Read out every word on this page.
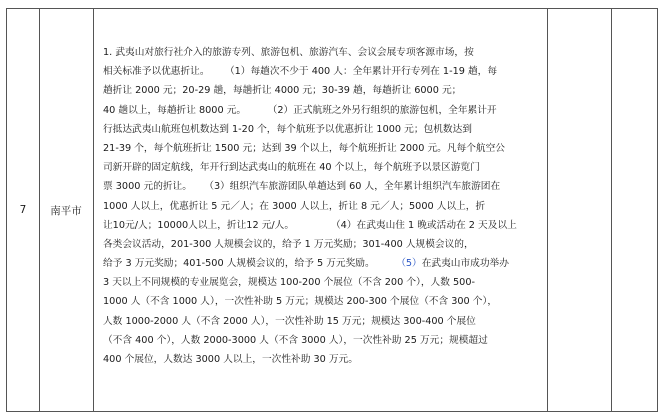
7 南平市
1. 武夷山对旅行社介入的旅游专列、旅游包机、旅游汽车、会议会展专项客源市场，按
相关标准予以优惠折让。     （1）每趟次不少于 400 人：全年累计开行专列在 1-19 趟，每
趟折让 2000 元；20-29 趟，每趟折让 4000 元；30-39 趟，每趟折让 6000 元；
40 趟以上，每趟折让 8000 元。       （2）正式航班之外另行组织的旅游包机，全年累计开
行抵达武夷山航班包机数达到 1-20 个，每个航班予以优惠折让 1000 元；包机数达到
21-39 个，每个航班折让 1500 元；达到 39 个以上，每个航班折让 2000 元。凡每个航空公
司新开辟的固定航线，年开行到达武夷山的航班在 40 个以上，每个航班予以景区游览门
票 3000 元的折让。    （3）组织汽车旅游团队单趟达到 60 人，全年累计组织汽车旅游团在
1000 人以上，优惠折让 5 元／人；在 3000 人以上，折让 8 元／人；5000 人以上，折
让10元/人；10000人以上，折让12 元/人。            （4）在武夷山住 1 晚或活动在 2 天及以上
各类会议活动，201-300 人规模会议的，给予 1 万元奖励；301-400 人规模会议的，
给予 3 万元奖励；401-500 人规模会议的，给予 5 万元奖励。       （5）在武夷山市成功举办
3 天以上不同规模的专业展览会，规模达 100-200 个展位（不含 200 个），人数 500-
1000 人（不含 1000 人），一次性补助 5 万元；规模达 200-300 个展位（不含 300 个），
人数 1000-2000 人（不含 2000 人），一次性补助 15 万元；规模达 300-400 个展位
（不含 400 个），人数 2000-3000 人（不含 3000 人），一次性补助 25 万元；规模超过
400 个展位，人数达 3000 人以上，一次性补助 30 万元。
